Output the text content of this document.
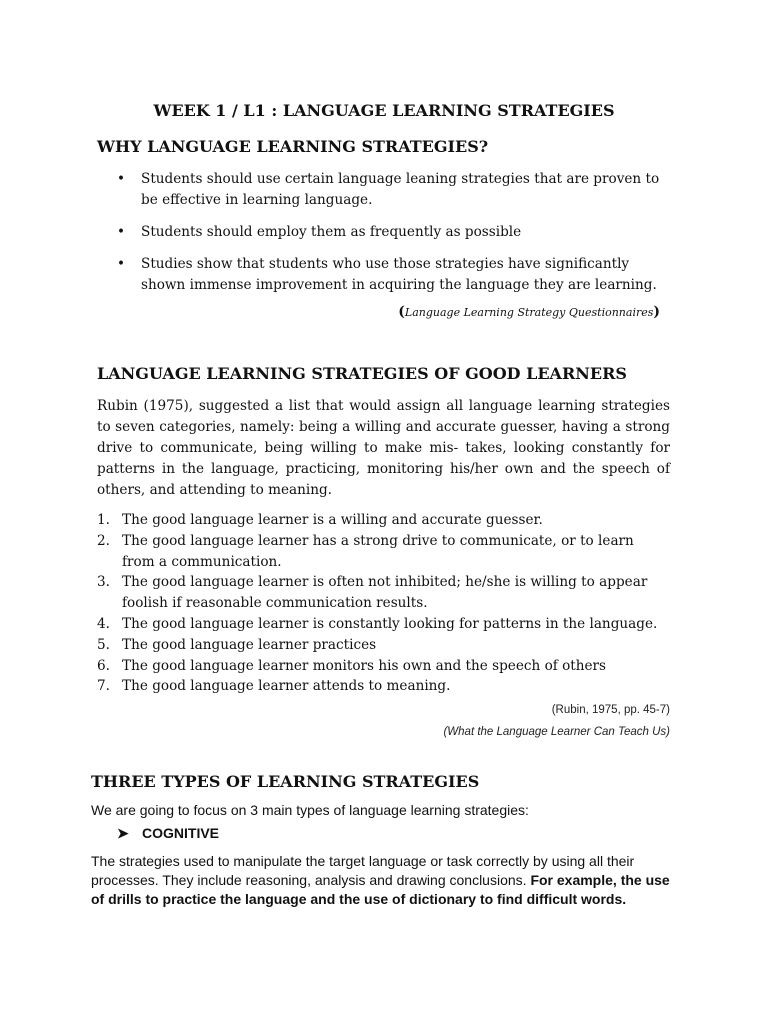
WEEK 1 / L1 : LANGUAGE LEARNING STRATEGIES
WHY LANGUAGE LEARNING STRATEGIES?
• Students should use certain language leaning strategies that are proven to be effective in learning language.
• Students should employ them as frequently as possible
• Studies show that students who use those strategies have significantly shown immense improvement in acquiring the language they are learning.
(Language Learning Strategy Questionnaires)
LANGUAGE LEARNING STRATEGIES OF GOOD LEARNERS

Rubin (1975), suggested a list that would assign all language learning strategies to seven categories, namely: being a willing and accurate guesser, having a strong drive to communicate, being willing to make mis- takes, looking constantly for patterns in the language, practicing, monitoring his/her own and the speech of others, and attending to meaning.

1. The good language learner is a willing and accurate guesser.
2. The good language learner has a strong drive to communicate, or to learn from a communication.
3. The good language learner is often not inhibited; he/she is willing to appear foolish if reasonable communication results.
4. The good language learner is constantly looking for patterns in the language.
5. The good language learner practices
6. The good language learner monitors his own and the speech of others
7. The good language learner attends to meaning.

(Rubin, 1975, pp. 45-7)

(What the Language Learner Can Teach Us)

THREE TYPES OF LEARNING STRATEGIES

We are going to focus on 3 main types of language learning strategies:

➤ COGNITIVE

The strategies used to manipulate the target language or task correctly by using all their processes. They include reasoning, analysis and drawing conclusions. For example, the use of drills to practice the language and the use of dictionary to find difficult words.
